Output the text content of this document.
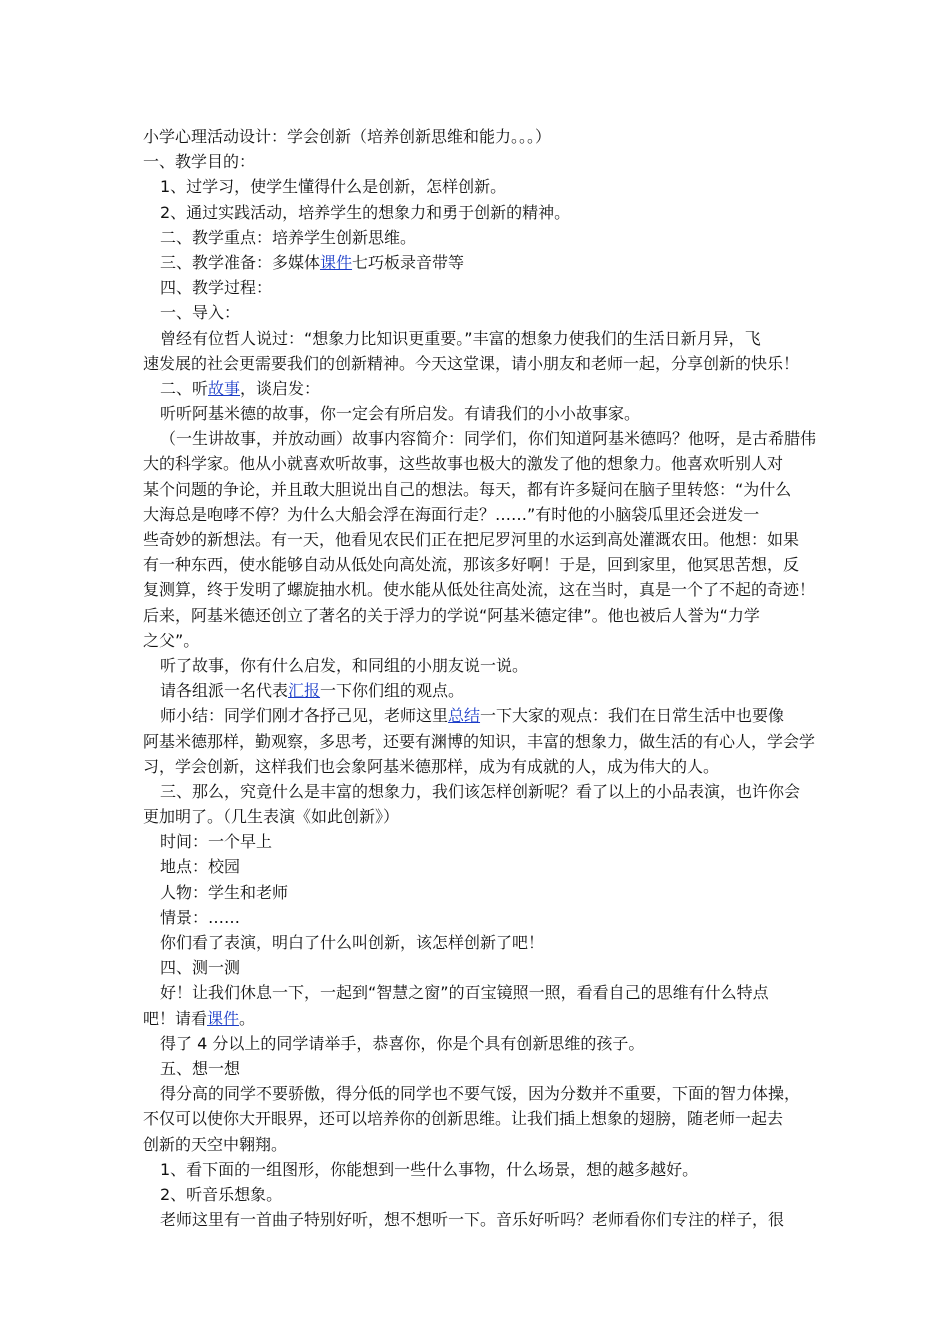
小学心理活动设计：学会创新（培养创新思维和能力。。。）
一、教学目的：
1、过学习，使学生懂得什么是创新，怎样创新。
2、通过实践活动，培养学生的想象力和勇于创新的精神。
二、教学重点：培养学生创新思维。
三、教学准备：多媒体课件七巧板录音带等
四、教学过程：
一、导入：
曾经有位哲人说过：“想象力比知识更重要。”丰富的想象力使我们的生活日新月异，飞
速发展的社会更需要我们的创新精神。今天这堂课，请小朋友和老师一起，分享创新的快乐！
二、听故事，谈启发：
听听阿基米德的故事，你一定会有所启发。有请我们的小小故事家。
（一生讲故事，并放动画）故事内容简介：同学们，你们知道阿基米德吗？他呀，是古希腊伟
大的科学家。他从小就喜欢听故事，这些故事也极大的激发了他的想象力。他喜欢听别人对
某个问题的争论，并且敢大胆说出自己的想法。每天，都有许多疑问在脑子里转悠：“为什么
大海总是咆哮不停？为什么大船会浮在海面行走？……”有时他的小脑袋瓜里还会迸发一
些奇妙的新想法。有一天，他看见农民们正在把尼罗河里的水运到高处灌溉农田。他想：如果
有一种东西，使水能够自动从低处向高处流，那该多好啊！于是，回到家里，他冥思苦想，反
复测算，终于发明了螺旋抽水机。使水能从低处往高处流，这在当时，真是一个了不起的奇迹！
后来，阿基米德还创立了著名的关于浮力的学说“阿基米德定律”。他也被后人誉为“力学
之父”。
听了故事，你有什么启发，和同组的小朋友说一说。
请各组派一名代表汇报一下你们组的观点。
师小结：同学们刚才各抒己见，老师这里总结一下大家的观点：我们在日常生活中也要像
阿基米德那样，勤观察，多思考，还要有渊博的知识，丰富的想象力，做生活的有心人，学会学
习，学会创新，这样我们也会象阿基米德那样，成为有成就的人，成为伟大的人。
三、那么，究竟什么是丰富的想象力，我们该怎样创新呢？看了以上的小品表演，也许你会
更加明了。（几生表演《如此创新》）
时间：一个早上
地点：校园
人物：学生和老师
情景：……
你们看了表演，明白了什么叫创新，该怎样创新了吧！
四、测一测
好！让我们休息一下，一起到“智慧之窗”的百宝镜照一照，看看自己的思维有什么特点
吧！请看课件。
得了 4 分以上的同学请举手，恭喜你，你是个具有创新思维的孩子。
五、想一想
得分高的同学不要骄傲，得分低的同学也不要气馁，因为分数并不重要，下面的智力体操，
不仅可以使你大开眼界，还可以培养你的创新思维。让我们插上想象的翅膀，随老师一起去
创新的天空中翱翔。
1、看下面的一组图形，你能想到一些什么事物，什么场景，想的越多越好。
2、听音乐想象。
老师这里有一首曲子特别好听，想不想听一下。音乐好听吗？老师看你们专注的样子，很
